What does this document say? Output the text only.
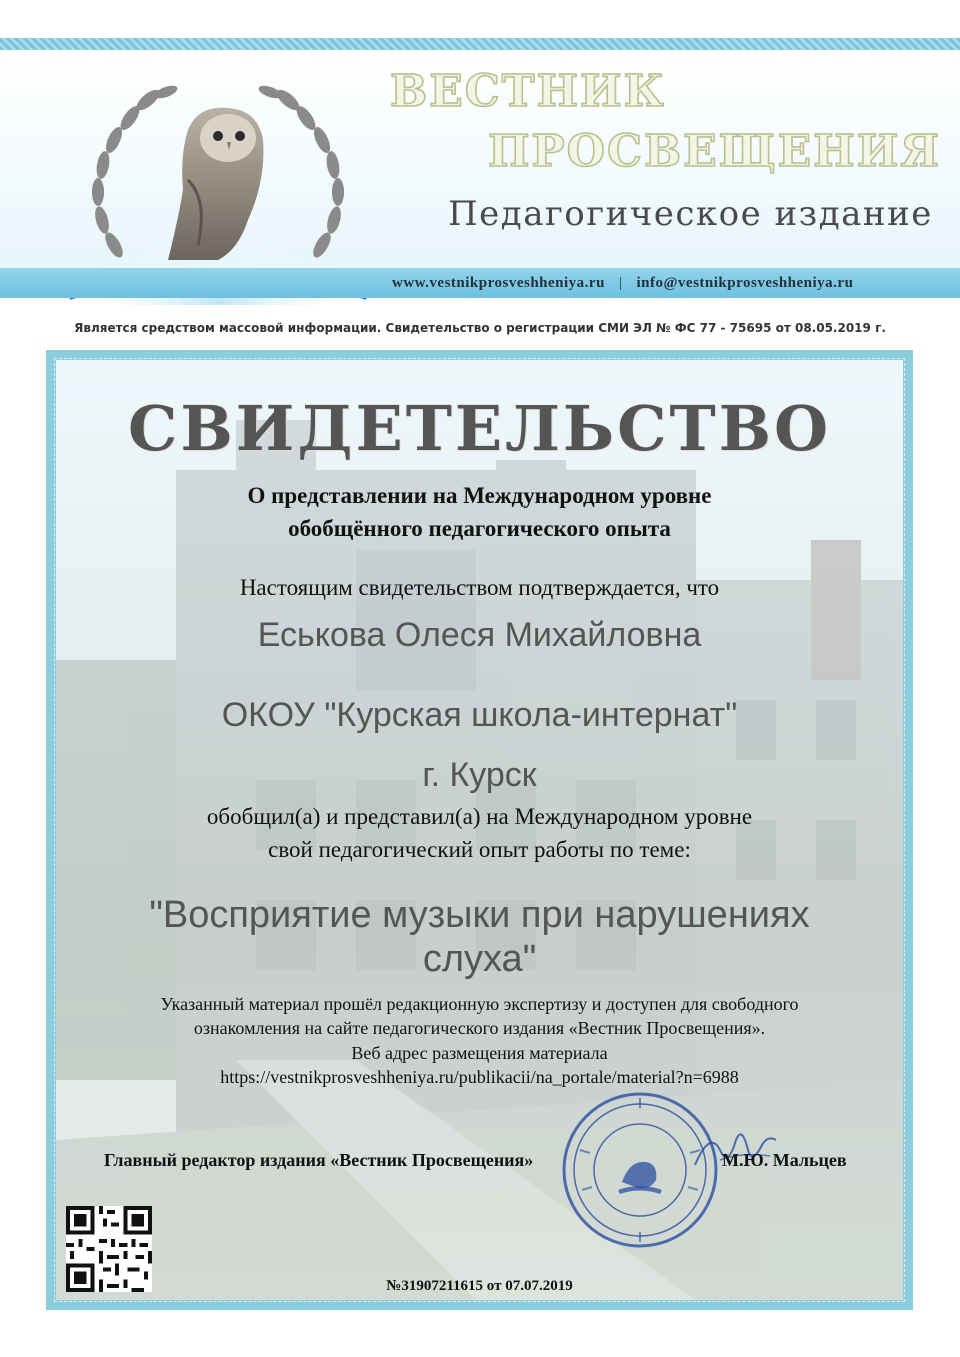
ВЕСТНИК
ПРОСВЕЩЕНИЯ
Педагогическое издание
www.vestnikprosveshheniya.ru | info@vestnikprosveshheniya.ru
Является средством массовой информации. Свидетельство о регистрации СМИ ЭЛ № ФС 77 - 75695 от 08.05.2019 г.
СВИДЕТЕЛЬСТВО
О представлении на Международном уровне
обобщённого педагогического опыта
Настоящим свидетельством подтверждается, что
Еськова Олеся Михайловна
ОКОУ "Курская школа-интернат"
г. Курск
обобщил(а) и представил(а) на Международном уровне
свой педагогический опыт работы по теме:
"Восприятие музыки при нарушениях
слуха"
Указанный материал прошёл редакционную экспертизу и доступен для свободного
ознакомления на сайте педагогического издания «Вестник Просвещения».
Веб адрес размещения материала
https://vestnikprosveshheniya.ru/publikacii/na_portale/material?n=6988
Главный редактор издания «Вестник Просвещения»	М.Ю. Мальцев
№31907211615 от 07.07.2019
